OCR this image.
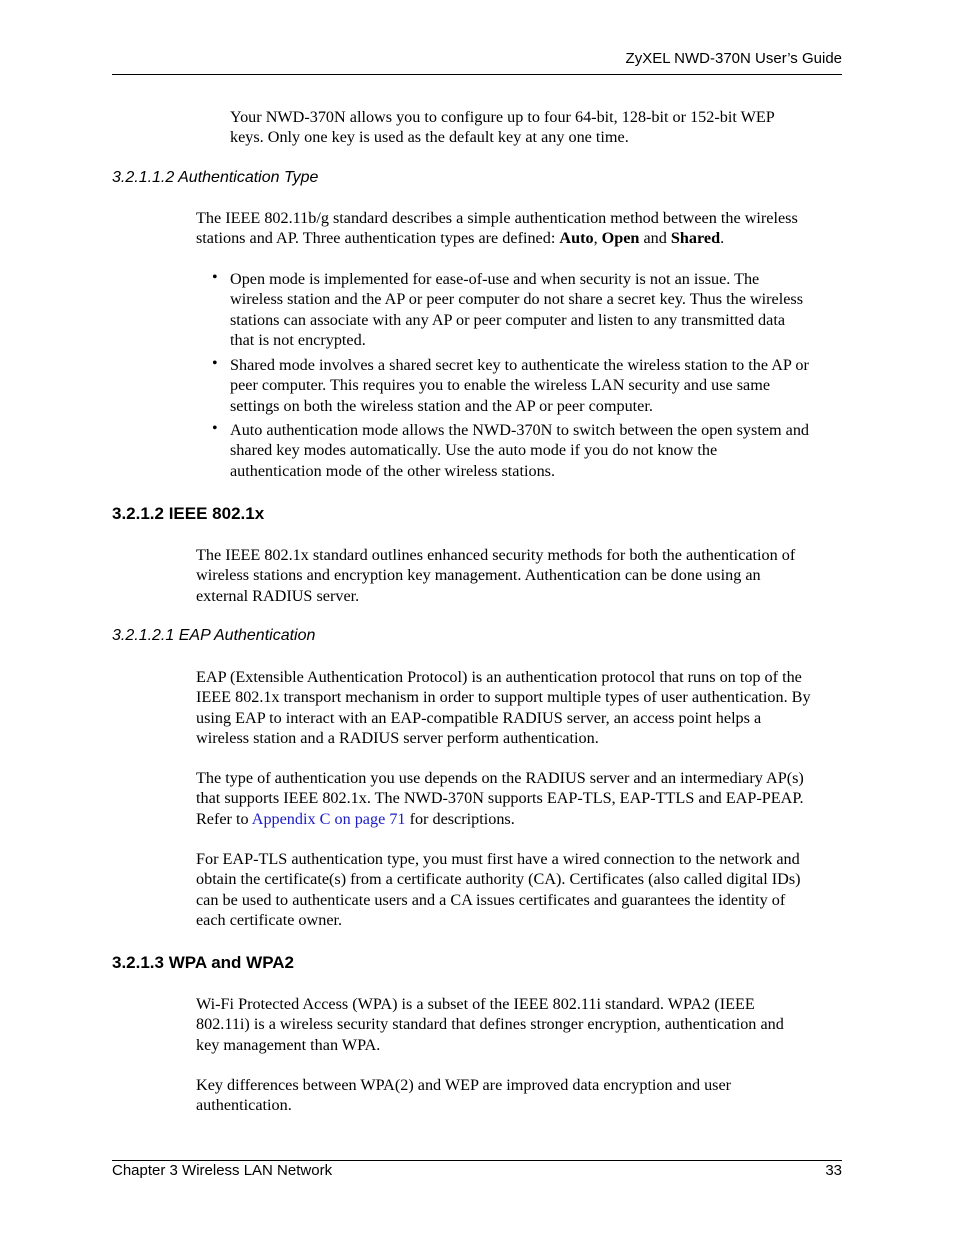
ZyXEL NWD-370N User’s Guide
Your NWD-370N allows you to configure up to four 64-bit, 128-bit or 152-bit WEP
keys. Only one key is used as the default key at any one time.
3.2.1.1.2 Authentication Type
The IEEE 802.11b/g standard describes a simple authentication method between the wireless
stations and AP. Three authentication types are defined: Auto, Open and Shared.
• Open mode is implemented for ease-of-use and when security is not an issue. The
wireless station and the AP or peer computer do not share a secret key. Thus the wireless
stations can associate with any AP or peer computer and listen to any transmitted data
that is not encrypted.
• Shared mode involves a shared secret key to authenticate the wireless station to the AP or
peer computer. This requires you to enable the wireless LAN security and use same
settings on both the wireless station and the AP or peer computer.
• Auto authentication mode allows the NWD-370N to switch between the open system and
shared key modes automatically. Use the auto mode if you do not know the
authentication mode of the other wireless stations.
3.2.1.2 IEEE 802.1x
The IEEE 802.1x standard outlines enhanced security methods for both the authentication of
wireless stations and encryption key management. Authentication can be done using an
external RADIUS server.
3.2.1.2.1 EAP Authentication
EAP (Extensible Authentication Protocol) is an authentication protocol that runs on top of the
IEEE 802.1x transport mechanism in order to support multiple types of user authentication. By
using EAP to interact with an EAP-compatible RADIUS server, an access point helps a
wireless station and a RADIUS server perform authentication.
The type of authentication you use depends on the RADIUS server and an intermediary AP(s)
that supports IEEE 802.1x. The NWD-370N supports EAP-TLS, EAP-TTLS and EAP-PEAP.
Refer to Appendix C on page 71 for descriptions.
For EAP-TLS authentication type, you must first have a wired connection to the network and
obtain the certificate(s) from a certificate authority (CA). Certificates (also called digital IDs)
can be used to authenticate users and a CA issues certificates and guarantees the identity of
each certificate owner.
3.2.1.3 WPA and WPA2
Wi-Fi Protected Access (WPA) is a subset of the IEEE 802.11i standard. WPA2 (IEEE
802.11i) is a wireless security standard that defines stronger encryption, authentication and
key management than WPA.
Key differences between WPA(2) and WEP are improved data encryption and user
authentication.
Chapter 3 Wireless LAN Network	33
